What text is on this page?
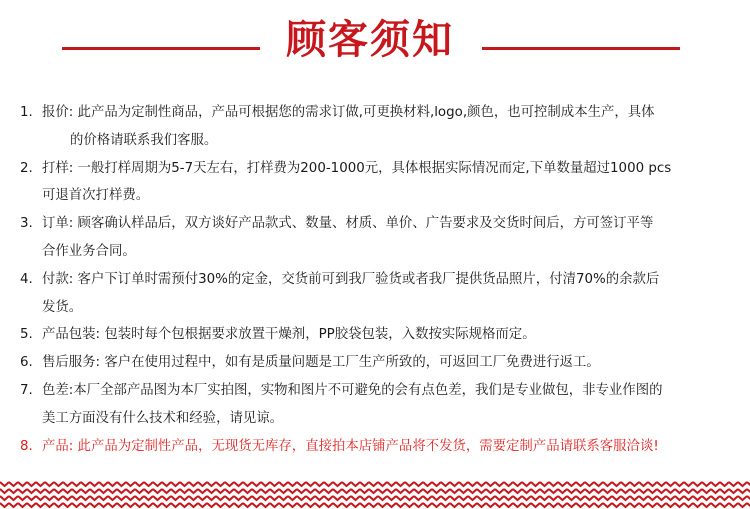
顾客须知
1. 报价: 此产品为定制性商品，产品可根据您的需求订做,可更换材料,logo,颜色，也可控制成本生产，具体
的价格请联系我们客服。
2. 打样: 一般打样周期为5-7天左右，打样费为200-1000元，具体根据实际情况而定,下单数量超过1000 pcs
可退首次打样费。
3. 订单: 顾客确认样品后，双方谈好产品款式、数量、材质、单价、广告要求及交货时间后，方可签订平等
合作业务合同。
4. 付款: 客户下订单时需预付30%的定金，交货前可到我厂验货或者我厂提供货品照片，付清70%的余款后
发货。
5. 产品包装: 包装时每个包根据要求放置干燥剂，PP胶袋包装，入数按实际规格而定。
6. 售后服务: 客户在使用过程中，如有是质量问题是工厂生产所致的，可返回工厂免费进行返工。
7. 色差:本厂全部产品图为本厂实拍图，实物和图片不可避免的会有点色差，我们是专业做包，非专业作图的
美工方面没有什么技术和经验，请见谅。
8. 产品: 此产品为定制性产品，无现货无库存，直接拍本店铺产品将不发货，需要定制产品请联系客服洽谈!
